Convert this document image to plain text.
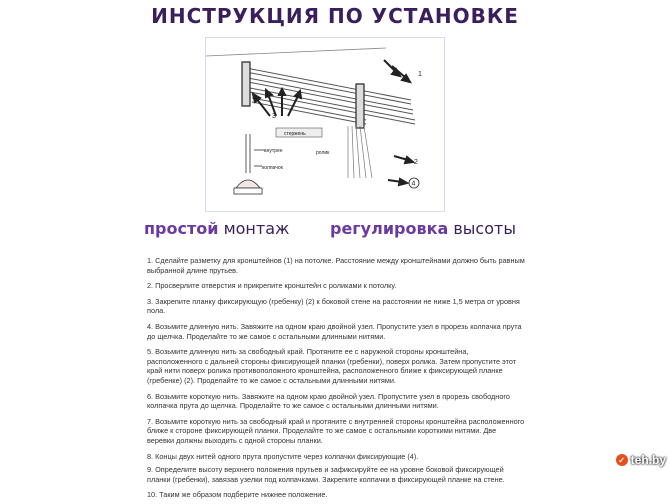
ИНСТРУКЦИЯ ПО УСТАНОВКЕ
3
1
2
4
стержень
внутрен	ролик
колпачок
простой монтаж	регулировка высоты

1. Сделайте разметку для кронштейнов (1) на потолке. Расстояние между кронштейнами должно быть равным выбранной длине прутьев.

2. Просверлите отверстия и прикрепите кронштейн с роликами к потолку.

3. Закрепите планку фиксирующую (гребенку) (2) к боковой стене на расстоянии не ниже 1,5 метра от уровня пола.

4. Возьмите длинную нить. Завяжите на одном краю двойной узел. Пропустите узел в прорезь колпачка прута до щелчка. Проделайте то же самое с остальными длинными нитями.

5. Возьмите длинную нить за свободный край. Протяните ее с наружной стороны кронштейна, расположенного с дальней стороны фиксирующей планки (гребенки), поверх ролика. Затем пропустите этот край нити поверх ролика противоположного кронштейна, расположенного ближе к фиксирующей планке (гребенке) (2). Проделайте то же самое с остальными длинными нитями.

6. Возьмите короткую нить. Завяжите на одном краю двойной узел. Пропустите узел в прорезь свободного колпачка прута до щелчка. Проделайте то же самое с остальными длинными нитями.

7. Возьмите короткую нить за свободный край и протяните с внутренней стороны кронштейна расположенного ближе к стороне фиксирующей планки. Проделайте то же самое с остальными короткими нитями. Две веревки должны выходить с одной стороны планки.

8. Концы двух нитей одного прута пропустите через колпачки фиксирующие (4).

9. Определите высоту верхнего положения прутьев и зафиксируйте ее на уровне боковой фиксирующей планки (гребенки), завязав узелки под колпачками. Закрепите колпачки в фиксирующей планке на стене.

10. Таким же образом подберите нижнее положение.

✓ teh.by
